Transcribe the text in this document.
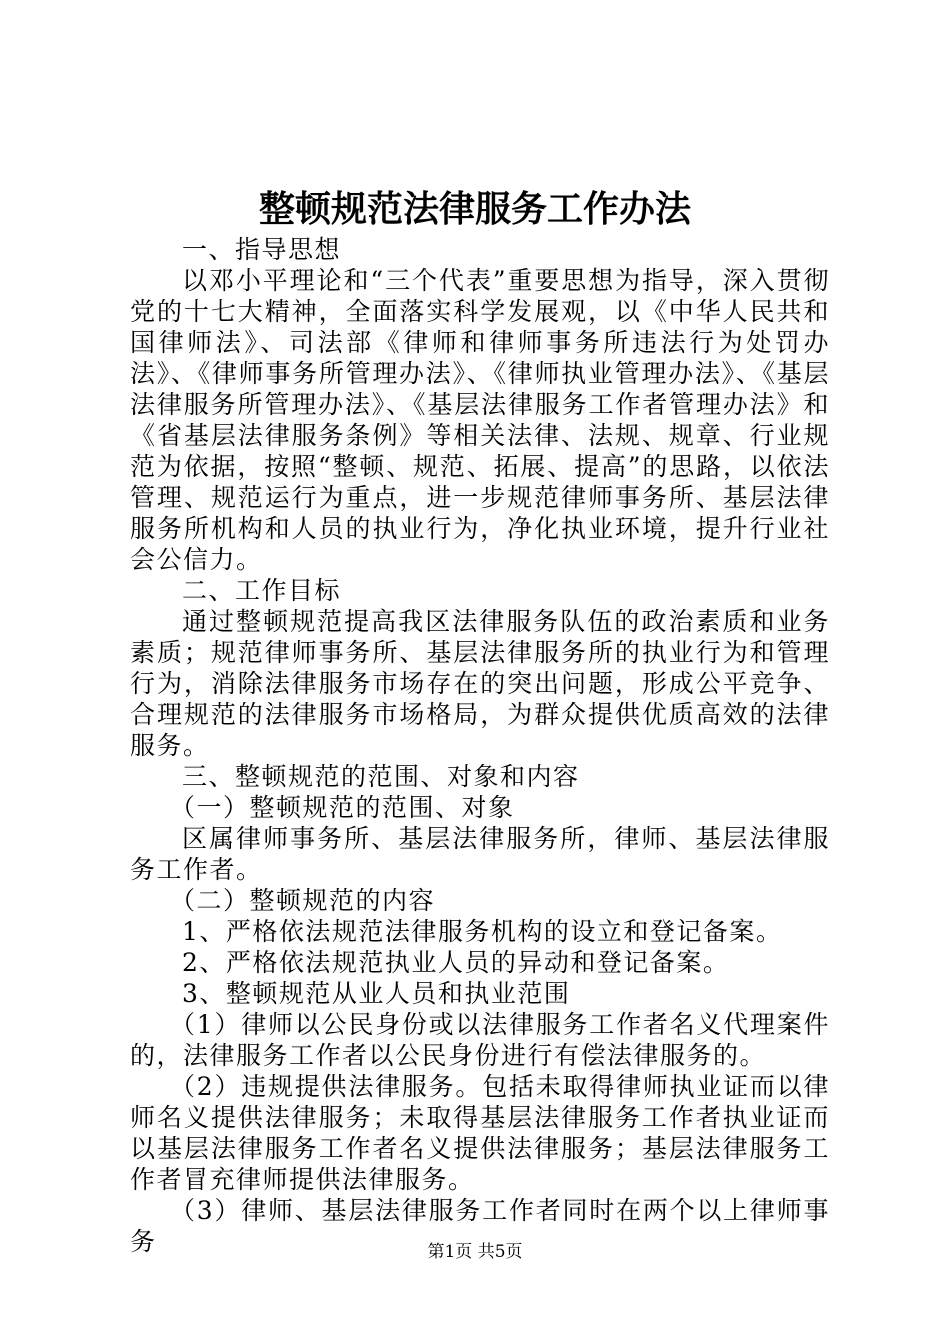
整顿规范法律服务工作办法

一、指导思想

以邓小平理论和“三个代表”重要思想为指导，深入贯彻党的十七大精神，全面落实科学发展观，以《中华人民共和国律师法》、司法部《律师和律师事务所违法行为处罚办法》、《律师事务所管理办法》、《律师执业管理办法》、《基层法律服务所管理办法》、《基层法律服务工作者管理办法》和《省基层法律服务条例》等相关法律、法规、规章、行业规范为依据，按照“整顿、规范、拓展、提高”的思路，以依法管理、规范运行为重点，进一步规范律师事务所、基层法律服务所机构和人员的执业行为，净化执业环境，提升行业社会公信力。

二、工作目标

通过整顿规范提高我区法律服务队伍的政治素质和业务素质；规范律师事务所、基层法律服务所的执业行为和管理行为，消除法律服务市场存在的突出问题，形成公平竞争、合理规范的法律服务市场格局，为群众提供优质高效的法律服务。

三、整顿规范的范围、对象和内容

（一）整顿规范的范围、对象

区属律师事务所、基层法律服务所，律师、基层法律服务工作者。

（二）整顿规范的内容

1、严格依法规范法律服务机构的设立和登记备案。

2、严格依法规范执业人员的异动和登记备案。

3、整顿规范从业人员和执业范围

（1）律师以公民身份或以法律服务工作者名义代理案件的，法律服务工作者以公民身份进行有偿法律服务的。

（2）违规提供法律服务。包括未取得律师执业证而以律师名义提供法律服务；未取得基层法律服务工作者执业证而以基层法律服务工作者名义提供法律服务；基层法律服务工作者冒充律师提供法律服务。

（3）律师、基层法律服务工作者同时在两个以上律师事务	第1页 共5页
